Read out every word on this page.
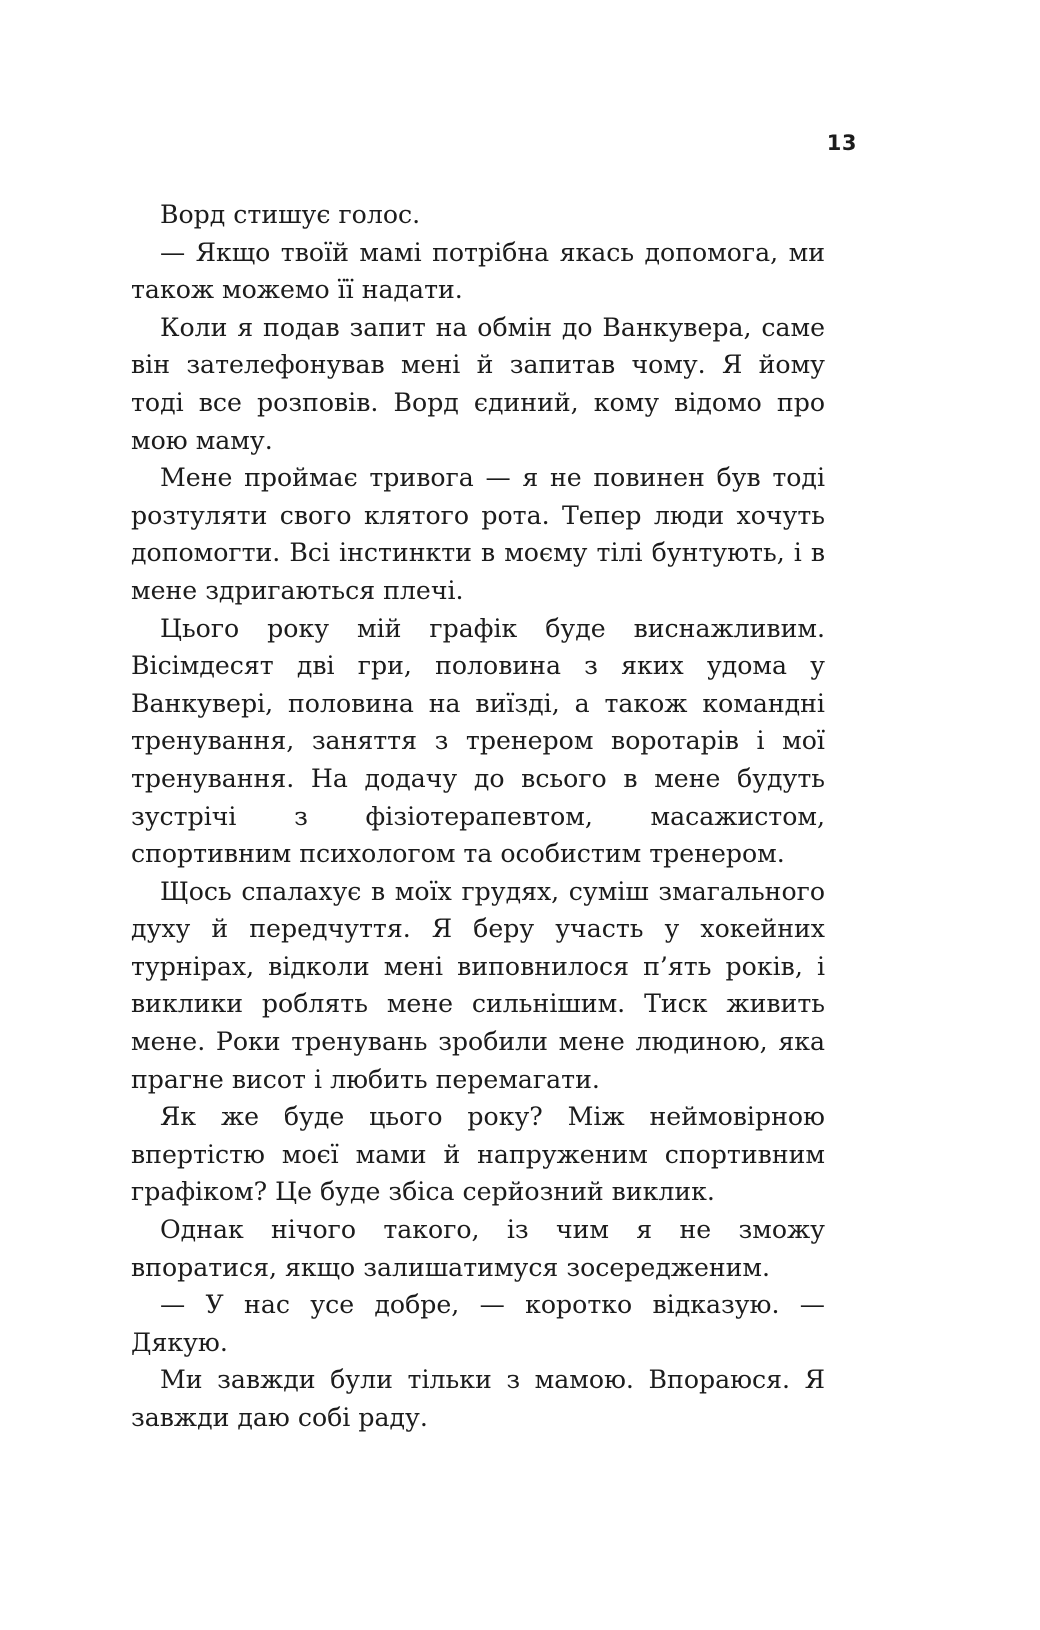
13

Ворд стишує голос.

— Якщо твоїй мамі потрібна якась допомога, ми також можемо її надати.

Коли я подав запит на обмін до Ванкувера, саме він зателефонував мені й запитав чому. Я йому тоді все розповів. Ворд єдиний, кому відомо про мою маму.

Мене проймає тривога — я не повинен був тоді розтуляти свого клятого рота. Тепер люди хочуть допомогти. Всі інстинкти в моєму тілі бунтують, і в мене здригаються плечі.

Цього року мій графік буде виснажливим. Вісімдесят дві гри, половина з яких удома у Ванкувері, половина на виїзді, а також командні тренування, заняття з тренером воротарів і мої тренування. На додачу до всього в мене будуть зустрічі з фізіотерапевтом, масажистом, спортивним психологом та особистим тренером.

Щось спалахує в моїх грудях, суміш змагального духу й передчуття. Я беру участь у хокейних турнірах, відколи мені виповнилося п’ять років, і виклики роблять мене сильнішим. Тиск живить мене. Роки тренувань зробили мене людиною, яка прагне висот і любить перемагати.

Як же буде цього року? Між неймовірною впертістю моєї мами й напруженим спортивним графіком? Це буде збіса серйозний виклик.

Однак нічого такого, із чим я не зможу впоратися, якщо залишатимуся зосередженим.

— У нас усе добре, — коротко відказую. — Дякую.

Ми завжди були тільки з мамою. Впораюся. Я завжди даю собі раду.
